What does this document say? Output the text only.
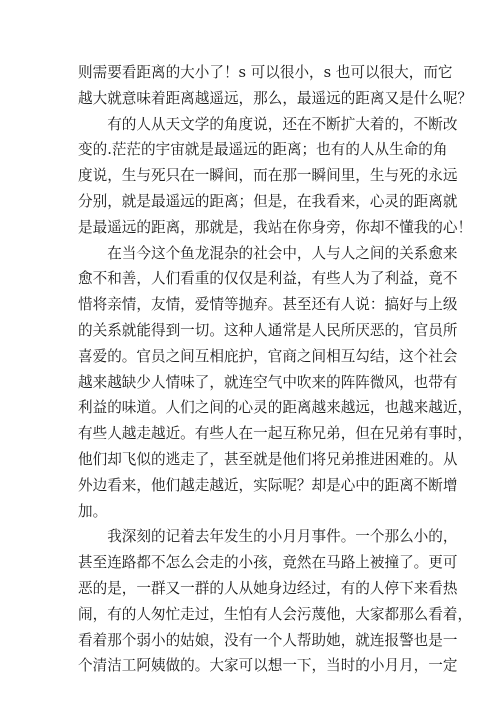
则需要看距离的大小了！s 可以很小，s 也可以很大，而它
越大就意味着距离越遥远，那么，最遥远的距离又是什么呢？
　　有的人从天文学的角度说，还在不断扩大着的，不断改
变的.茫茫的宇宙就是最遥远的距离；也有的人从生命的角
度说，生与死只在一瞬间，而在那一瞬间里，生与死的永远
分别，就是最遥远的距离；但是，在我看来，心灵的距离就
是最遥远的距离，那就是，我站在你身旁，你却不懂我的心！
　　在当今这个鱼龙混杂的社会中，人与人之间的关系愈来
愈不和善，人们看重的仅仅是利益，有些人为了利益，竟不
惜将亲情，友情，爱情等抛弃。甚至还有人说：搞好与上级
的关系就能得到一切。这种人通常是人民所厌恶的，官员所
喜爱的。官员之间互相庇护，官商之间相互勾结，这个社会
越来越缺少人情味了，就连空气中吹来的阵阵微风，也带有
利益的味道。人们之间的心灵的距离越来越远，也越来越近，
有些人越走越近。有些人在一起互称兄弟，但在兄弟有事时，
他们却飞似的逃走了，甚至就是他们将兄弟推进困难的。从
外边看来，他们越走越近，实际呢？却是心中的距离不断增
加。
　　我深刻的记着去年发生的小月月事件。一个那么小的，
甚至连路都不怎么会走的小孩，竟然在马路上被撞了。更可
恶的是，一群又一群的人从她身边经过，有的人停下来看热
闹，有的人匆忙走过，生怕有人会污蔑他，大家都那么看着，
看着那个弱小的姑娘，没有一个人帮助她，就连报警也是一
个清洁工阿姨做的。大家可以想一下，当时的小月月，一定
